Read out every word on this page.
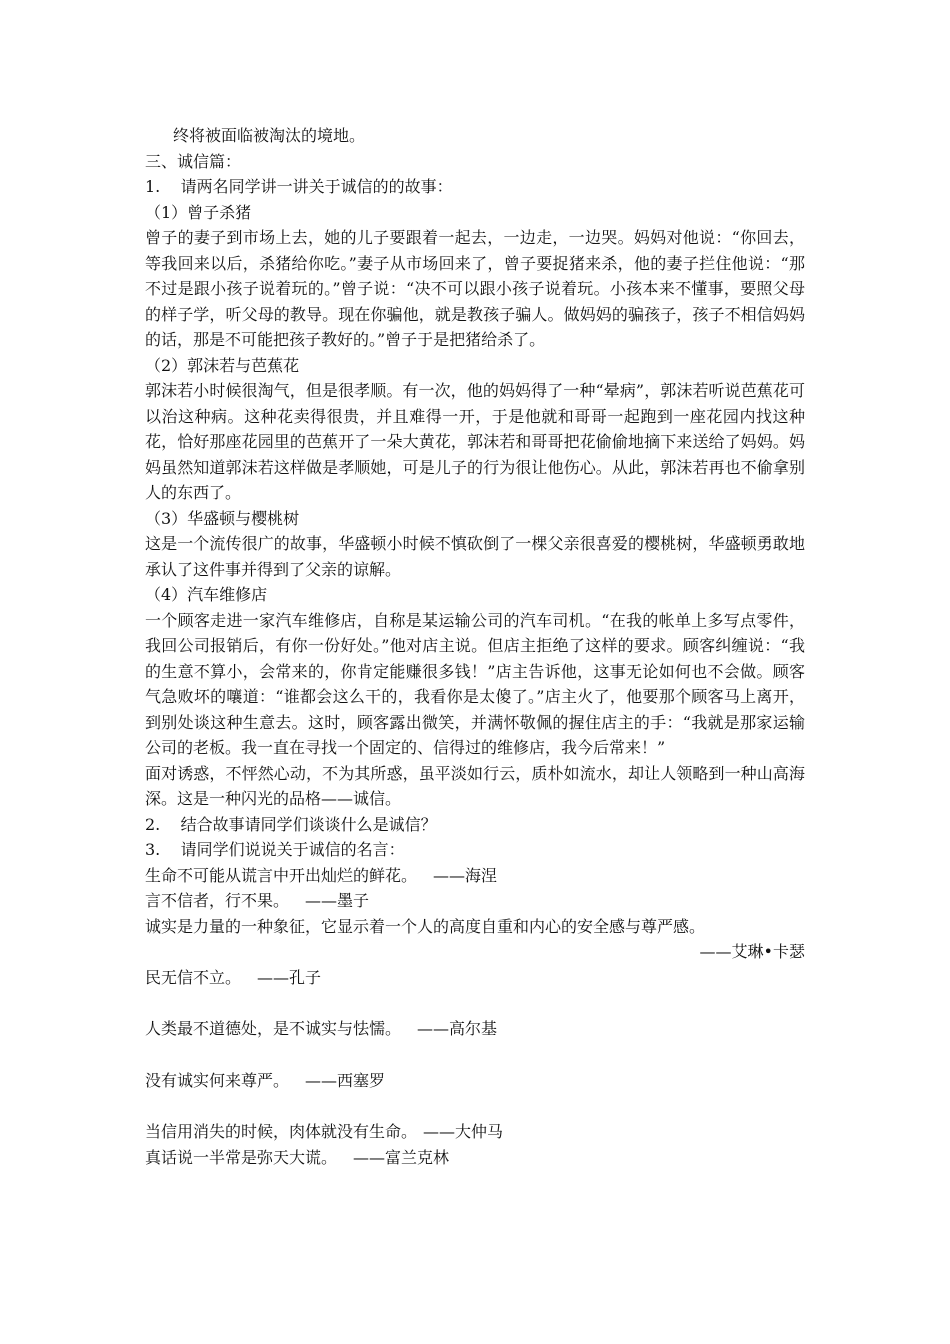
终将被面临被淘汰的境地。
三、诚信篇：
1.    请两名同学讲一讲关于诚信的的故事：
（1）曾子杀猪
曾子的妻子到市场上去，她的儿子要跟着一起去，一边走，一边哭。妈妈对他说：“你回去，等我回来以后，杀猪给你吃。”妻子从市场回来了，曾子要捉猪来杀，他的妻子拦住他说：“那不过是跟小孩子说着玩的。”曾子说：“决不可以跟小孩子说着玩。小孩本来不懂事，要照父母的样子学，听父母的教导。现在你骗他，就是教孩子骗人。做妈妈的骗孩子，孩子不相信妈妈的话，那是不可能把孩子教好的。”曾子于是把猪给杀了。
（2）郭沫若与芭蕉花
郭沫若小时候很淘气，但是很孝顺。有一次，他的妈妈得了一种“晕病”，郭沫若听说芭蕉花可以治这种病。这种花卖得很贵，并且难得一开，于是他就和哥哥一起跑到一座花园内找这种花，恰好那座花园里的芭蕉开了一朵大黄花，郭沫若和哥哥把花偷偷地摘下来送给了妈妈。妈妈虽然知道郭沫若这样做是孝顺她，可是儿子的行为很让他伤心。从此，郭沫若再也不偷拿别人的东西了。
（3）华盛顿与樱桃树
这是一个流传很广的故事，华盛顿小时候不慎砍倒了一棵父亲很喜爱的樱桃树，华盛顿勇敢地承认了这件事并得到了父亲的谅解。
（4）汽车维修店
一个顾客走进一家汽车维修店，自称是某运输公司的汽车司机。“在我的帐单上多写点零件，我回公司报销后，有你一份好处。”他对店主说。但店主拒绝了这样的要求。顾客纠缠说：“我的生意不算小，会常来的，你肯定能赚很多钱！”店主告诉他，这事无论如何也不会做。顾客气急败坏的嚷道：“谁都会这么干的，我看你是太傻了。”店主火了，他要那个顾客马上离开，到别处谈这种生意去。这时，顾客露出微笑，并满怀敬佩的握住店主的手：“我就是那家运输公司的老板。我一直在寻找一个固定的、信得过的维修店，我今后常来！”
面对诱惑，不怦然心动，不为其所惑，虽平淡如行云，质朴如流水，却让人领略到一种山高海深。这是一种闪光的品格——诚信。
2.    结合故事请同学们谈谈什么是诚信？
3.    请同学们说说关于诚信的名言：
生命不可能从谎言中开出灿烂的鲜花。 ——海涅
言不信者，行不果。 ——墨子
诚实是力量的一种象征，它显示着一个人的高度自重和内心的安全感与尊严感。
——艾琳•卡瑟
民无信不立。 ——孔子
人类最不道德处，是不诚实与怯懦。 ——高尔基
没有诚实何来尊严。 ——西塞罗
当信用消失的时候，肉体就没有生命。 ——大仲马
真话说一半常是弥天大谎。 ——富兰克林
